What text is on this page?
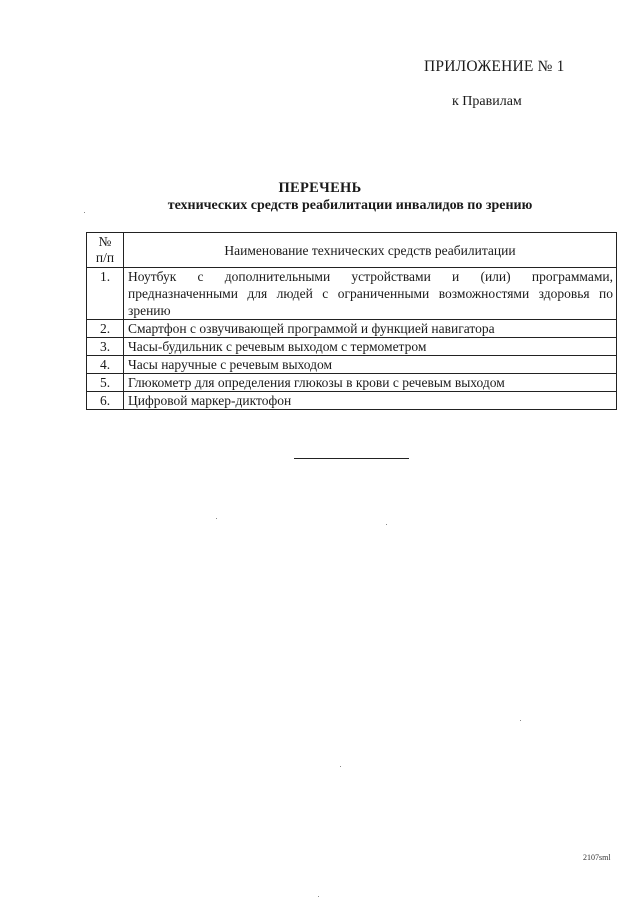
ПРИЛОЖЕНИЕ № 1
к Правилам
ПЕРЕЧЕНЬ
технических средств реабилитации инвалидов по зрению
№
п/п	Наименование технических средств реабилитации
1.	Ноутбук с дополнительными устройствами и (или) программами, предназначенными для людей с ограниченными возможностями здоровья по зрению
2.	Смартфон с озвучивающей программой и функцией навигатора
3.	Часы-будильник с речевым выходом с термометром
4.	Часы наручные с речевым выходом
5.	Глюкометр для определения глюкозы в крови с речевым выходом
6.	Цифровой маркер-диктофон
2107sml
